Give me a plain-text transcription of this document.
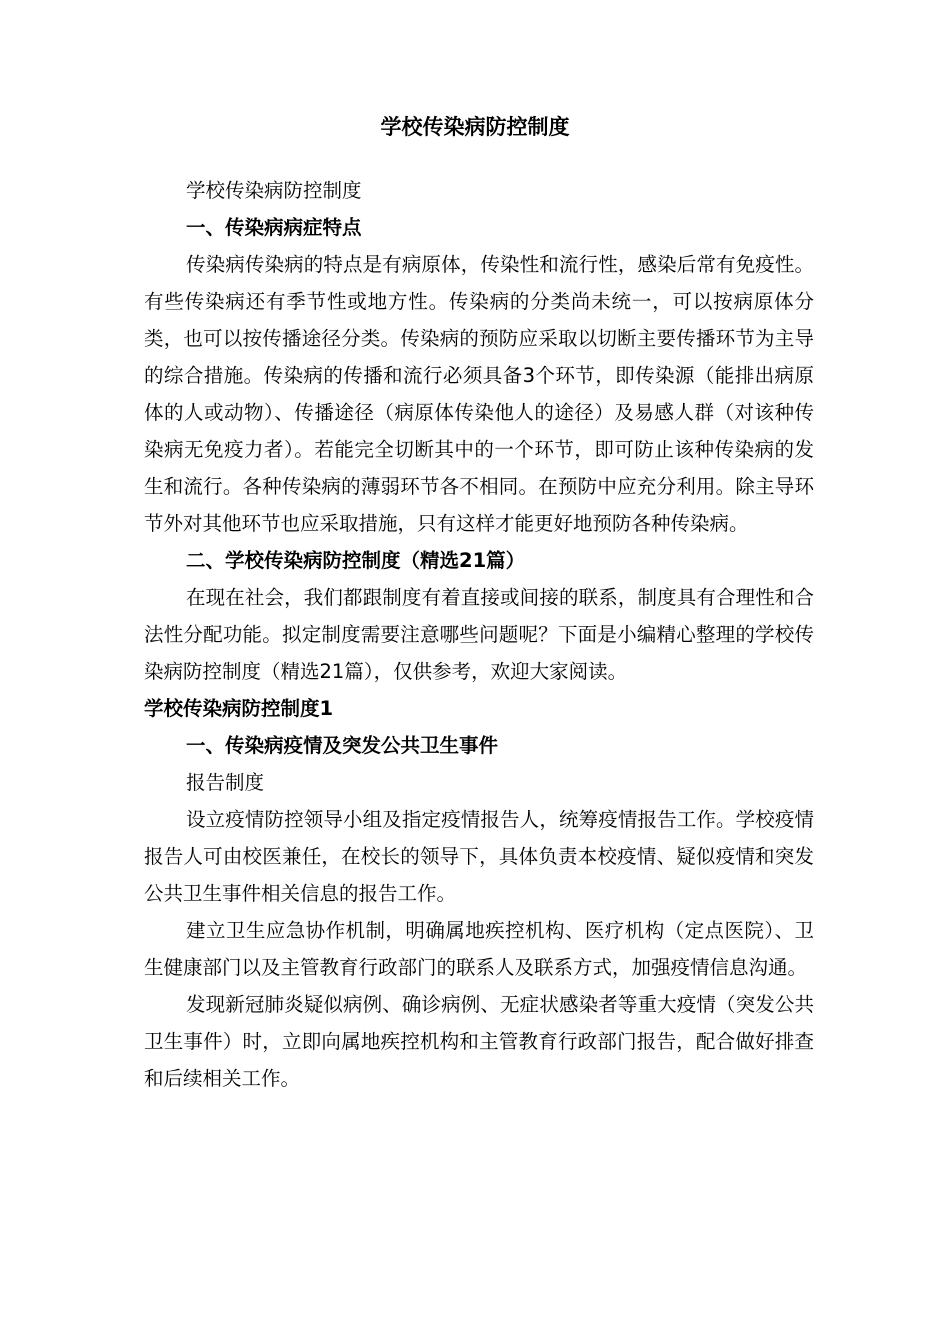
学校传染病防控制度

学校传染病防控制度

一、传染病病症特点

传染病传染病的特点是有病原体，传染性和流行性，感染后常有免疫性。有些传染病还有季节性或地方性。传染病的分类尚未统一，可以按病原体分类，也可以按传播途径分类。传染病的预防应采取以切断主要传播环节为主导的综合措施。传染病的传播和流行必须具备3个环节，即传染源（能排出病原体的人或动物）、传播途径（病原体传染他人的途径）及易感人群（对该种传染病无免疫力者）。若能完全切断其中的一个环节，即可防止该种传染病的发生和流行。各种传染病的薄弱环节各不相同。在预防中应充分利用。除主导环节外对其他环节也应采取措施，只有这样才能更好地预防各种传染病。

二、学校传染病防控制度（精选21篇）

在现在社会，我们都跟制度有着直接或间接的联系，制度具有合理性和合法性分配功能。拟定制度需要注意哪些问题呢？下面是小编精心整理的学校传染病防控制度（精选21篇），仅供参考，欢迎大家阅读。

学校传染病防控制度1

一、传染病疫情及突发公共卫生事件

报告制度

设立疫情防控领导小组及指定疫情报告人，统筹疫情报告工作。学校疫情报告人可由校医兼任，在校长的领导下，具体负责本校疫情、疑似疫情和突发公共卫生事件相关信息的报告工作。

建立卫生应急协作机制，明确属地疾控机构、医疗机构（定点医院）、卫生健康部门以及主管教育行政部门的联系人及联系方式，加强疫情信息沟通。

发现新冠肺炎疑似病例、确诊病例、无症状感染者等重大疫情（突发公共卫生事件）时，立即向属地疾控机构和主管教育行政部门报告，配合做好排查和后续相关工作。
